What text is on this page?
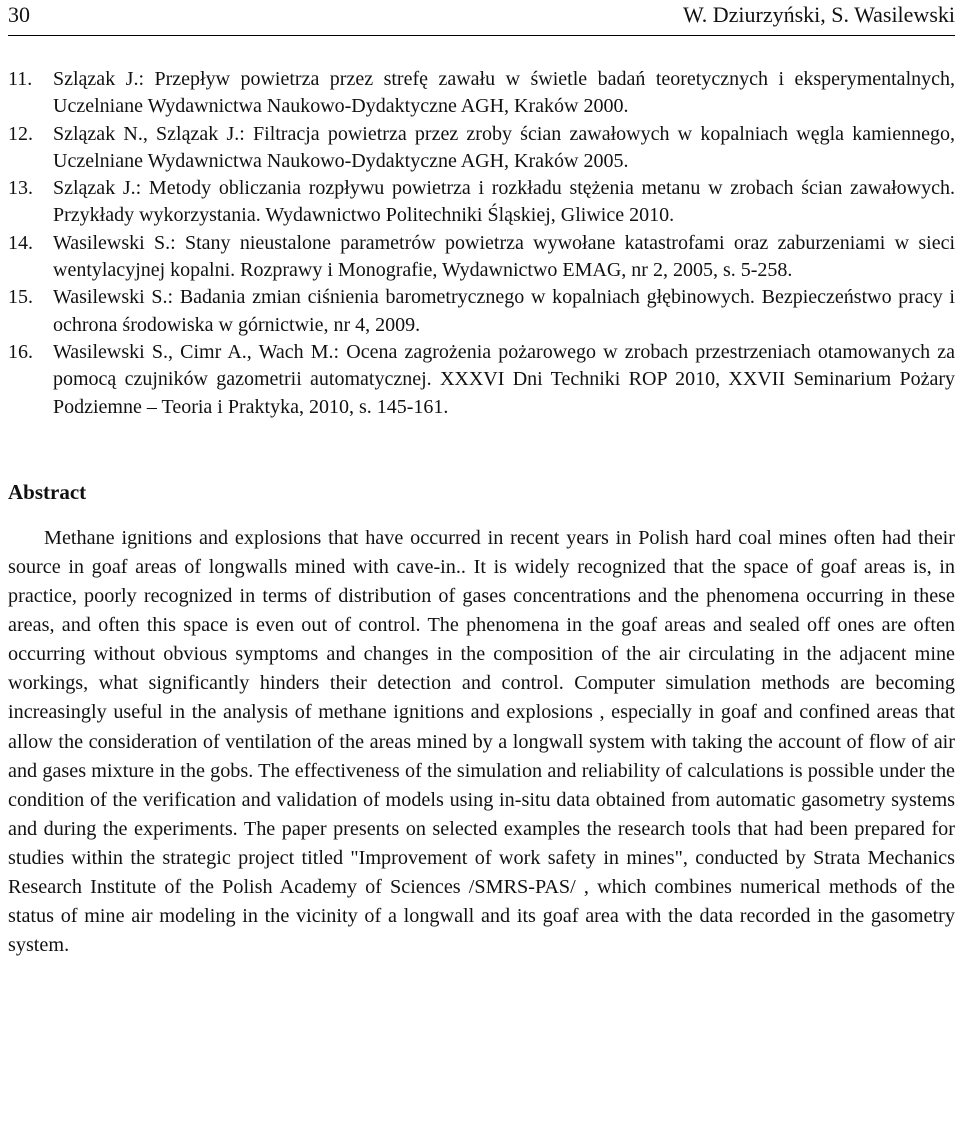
30	W. Dziurzyński, S. Wasilewski
11. Szlązak J.: Przepływ powietrza przez strefę zawału w świetle badań teoretycznych i eksperymentalnych, Uczelniane Wydawnictwa Naukowo-Dydaktyczne AGH, Kraków 2000.
12. Szlązak N., Szlązak J.: Filtracja powietrza przez zroby ścian zawałowych w kopalniach węgla kamiennego, Uczelniane Wydawnictwa Naukowo-Dydaktyczne AGH, Kraków 2005.
13. Szlązak J.: Metody obliczania rozpływu powietrza i rozkładu stężenia metanu w zrobach ścian zawałowych. Przykłady wykorzystania. Wydawnictwo Politechniki Śląskiej, Gliwice 2010.
14. Wasilewski S.: Stany nieustalone parametrów powietrza wywołane katastrofami oraz zaburzeniami w sieci wentylacyjnej kopalni. Rozprawy i Monografie, Wydawnictwo EMAG, nr 2, 2005, s. 5-258.
15. Wasilewski S.: Badania zmian ciśnienia barometrycznego w kopalniach głębinowych. Bezpieczeństwo pracy i ochrona środowiska w górnictwie, nr 4, 2009.
16. Wasilewski S., Cimr A., Wach M.: Ocena zagrożenia pożarowego w zrobach przestrzeniach otamowanych za pomocą czujników gazometrii automatycznej. XXXVI Dni Techniki ROP 2010, XXVII Seminarium Pożary Podziemne – Teoria i Praktyka, 2010, s. 145-161.
Abstract
Methane ignitions and explosions that have occurred in recent years in Polish hard coal mines often had their source in goaf areas of longwalls mined with cave-in.. It is widely recognized that the space of goaf areas is, in practice, poorly recognized in terms of distribution of gases concentrations and the phenomena occurring in these areas, and often this space is even out of control. The phenomena in the goaf areas and sealed off ones are often occurring without obvious symptoms and changes in the composition of the air circulating in the adjacent mine workings, what significantly hinders their detection and control. Computer simulation methods are becoming increasingly useful in the analysis of methane ignitions and explosions , especially in goaf and confined areas that allow the consideration of ventilation of the areas mined by a longwall system with taking the account of flow of air and gases mixture in the gobs. The effectiveness of the simulation and reliability of calculations is possible under the condition of the verification and validation of models using in-situ data obtained from automatic gasometry systems and during the experiments. The paper presents on selected examples the research tools that had been prepared for studies within the strategic project titled "Improvement of work safety in mines", conducted by Strata Mechanics Research Institute of the Polish Academy of Sciences /SMRS-PAS/ , which combines numerical methods of the status of mine air modeling in the vicinity of a longwall and its goaf area with the data recorded in the gasometry system.
